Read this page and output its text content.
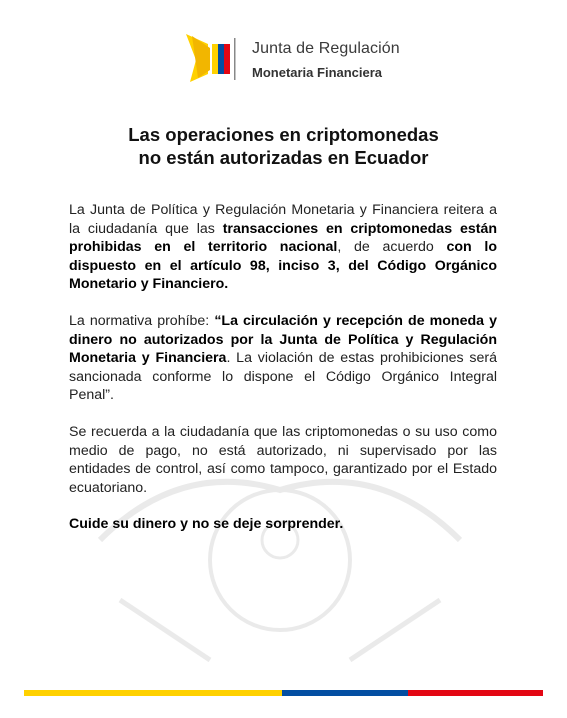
Junta de Regulación
Monetaria Financiera
Las operaciones en criptomonedas
no están autorizadas en Ecuador

La Junta de Política y Regulación Monetaria y Financiera reitera a la ciudadanía que las transacciones en criptomonedas están prohibidas en el territorio nacional, de acuerdo con lo dispuesto en el artículo 98, inciso 3, del Código Orgánico Monetario y Financiero.

La normativa prohíbe: “La circulación y recepción de moneda y dinero no autorizados por la Junta de Política y Regulación Monetaria y Financiera. La violación de estas prohibiciones será sancionada conforme lo dispone el Código Orgánico Integral Penal”.

Se recuerda a la ciudadanía que las criptomonedas o su uso como medio de pago, no está autorizado, ni supervisado por las entidades de control, así como tampoco, garantizado por el Estado ecuatoriano.

Cuide su dinero y no se deje sorprender.
